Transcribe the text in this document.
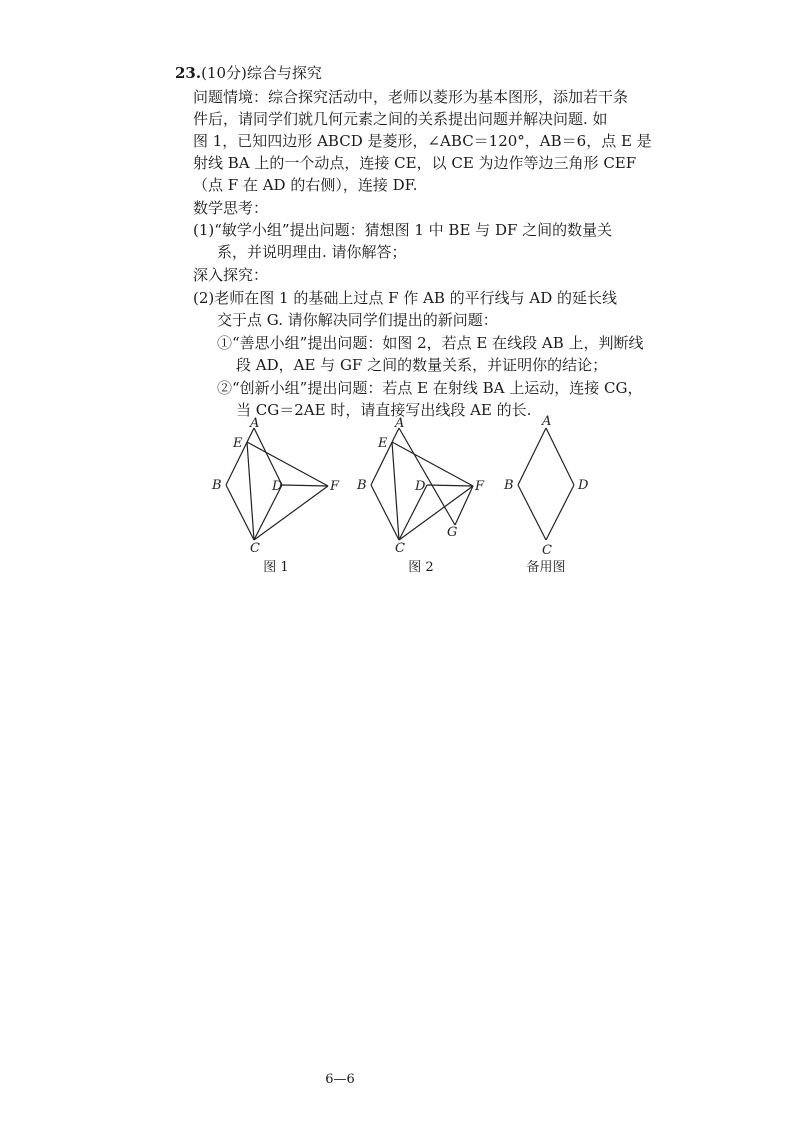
23.(10分)综合与探究
问题情境：综合探究活动中，老师以菱形为基本图形，添加若干条
件后，请同学们就几何元素之间的关系提出问题并解决问题. 如
图 1，已知四边形 ABCD 是菱形，∠ABC＝120°，AB＝6，点 E 是
射线 BA 上的一个动点，连接 CE，以 CE 为边作等边三角形 CEF
（点 F 在 AD 的右侧），连接 DF.
数学思考：
(1)“敏学小组”提出问题：猜想图 1 中 BE 与 DF 之间的数量关
系，并说明理由. 请你解答；
深入探究：
(2)老师在图 1 的基础上过点 F 作 AB 的平行线与 AD 的延长线
交于点 G. 请你解决同学们提出的新问题：
①“善思小组”提出问题：如图 2，若点 E 在线段 AB 上，判断线
段 AD，AE 与 GF 之间的数量关系，并证明你的结论；
②“创新小组”提出问题：若点 E 在射线 BA 上运动，连接 CG，
当 CG＝2AE 时，请直接写出线段 AE 的长.
A
E
B	D	F
C
图 1
A
E
B	D	F
G
C
图 2
A
B	D
C
备用图
6—6
